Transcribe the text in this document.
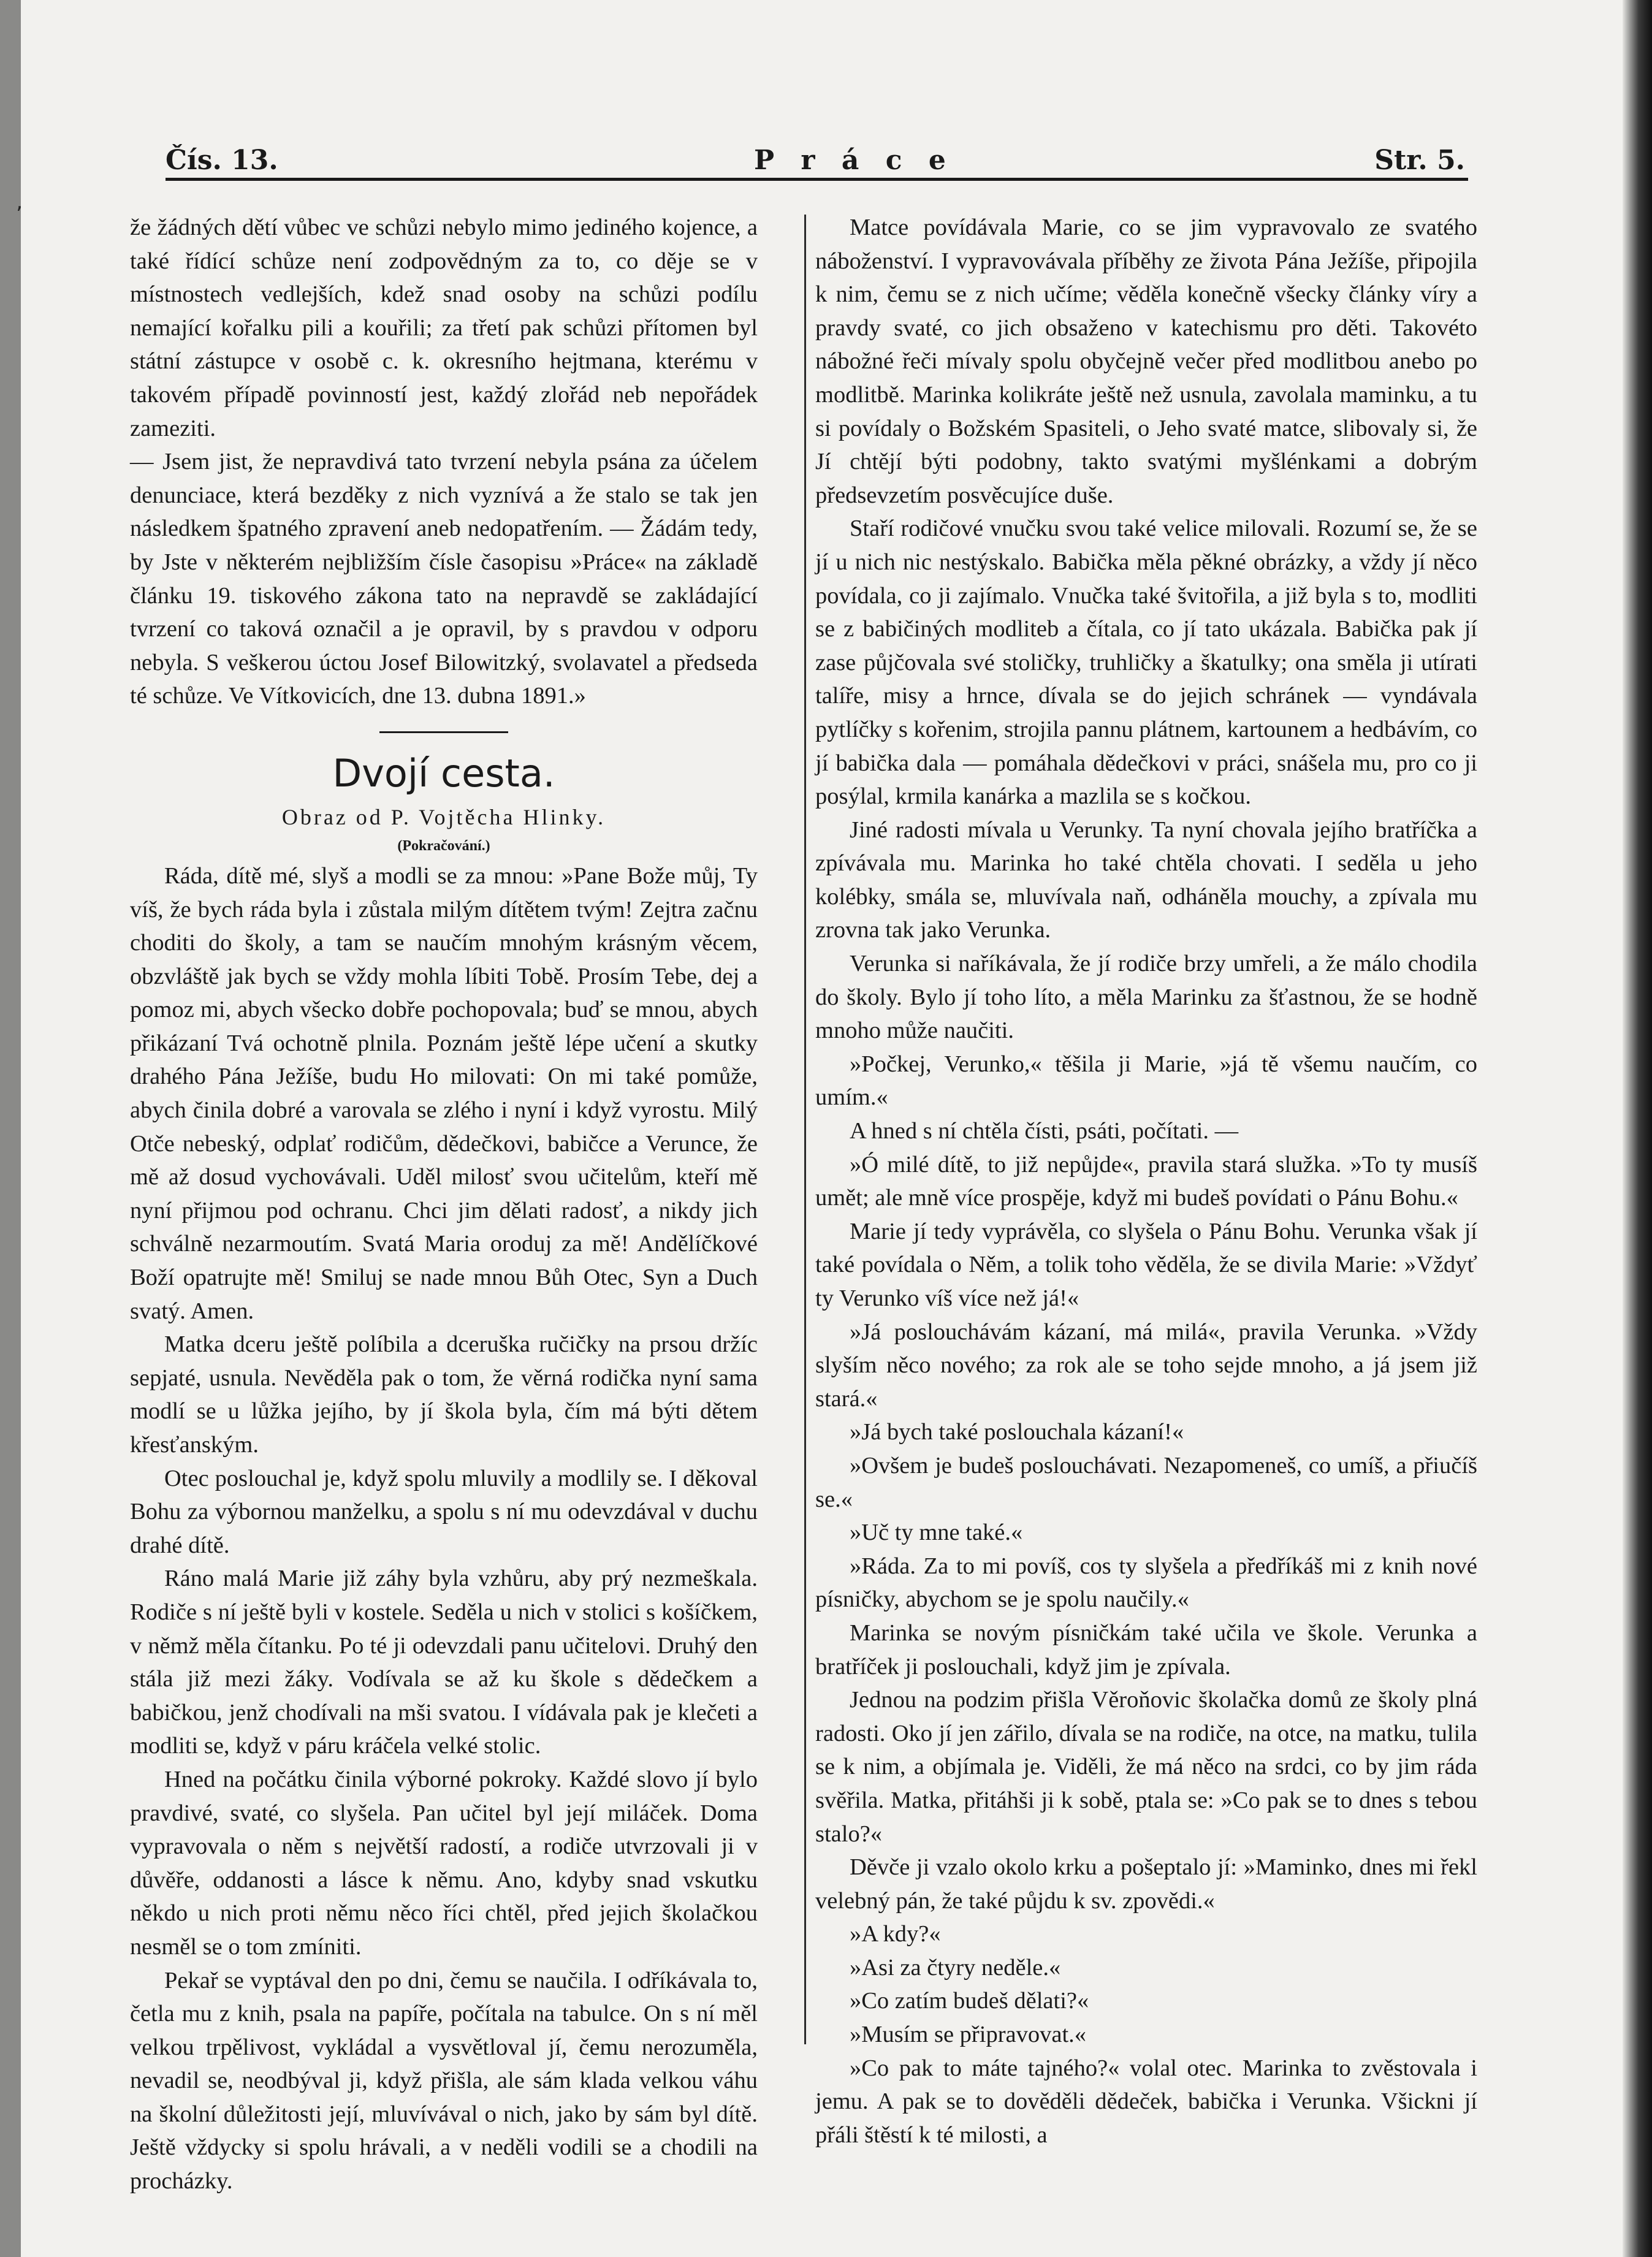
Čís. 13.	P r á c e	Str. 5.
’	že žádných dětí vůbec ve schůzi nebylo mimo jediného kojence, a také řídící schůze není zodpovědným za to, co děje se v místnostech vedlejších, kdež snad osoby na schůzi podílu nemající kořalku pili a kouřili; za třetí pak schůzi přítomen byl státní zástupce v osobě c. k. okresního hejtmana, kterému v takovém případě povinností jest, každý zlořád neb nepořádek zameziti.

— Jsem jist, že nepravdivá tato tvrzení nebyla psána za účelem denunciace, která bezděky z nich vyznívá a že stalo se tak jen následkem špatného zpravení aneb nedopatřením. — Žádám tedy, by Jste v některém nejbližším čísle časopisu »Práce« na základě článku 19. tiskového zákona tato na nepravdě se zakládající tvrzení co taková označil a je opravil, by s pravdou v odporu nebyla. S veškerou úctou Josef Bilowitzký, svolavatel a předseda té schůze. Ve Vítkovicích, dne 13. dubna 1891.»

Dvojí cesta.
Obraz od P. Vojtěcha Hlinky.
(Pokračování.)

Ráda, dítě mé, slyš a modli se za mnou: »Pane Bože můj, Ty víš, že bych ráda byla i zůstala milým dítětem tvým! Zejtra začnu choditi do školy, a tam se naučím mnohým krásným věcem, obzvláště jak bych se vždy mohla líbiti Tobě. Prosím Tebe, dej a pomoz mi, abych všecko dobře pochopovala; buď se mnou, abych přikázaní Tvá ochotně plnila. Poznám ještě lépe učení a skutky drahého Pána Ježíše, budu Ho milovati: On mi také pomůže, abych činila dobré a varovala se zlého i nyní i když vyrostu. Milý Otče nebeský, odplať rodičům, dědečkovi, babičce a Veruncе, že mě až dosud vychovávali. Uděl milosť svou učitelům, kteří mě nyní přijmou pod ochranu. Chci jim dělati radosť, a nikdy jich schválně nezarmoutím. Svatá Maria oroduj za mě! Andělíčkové Boží opatrujte mě! Smiluj se nade mnou Bůh Otec, Syn a Duch svatý. Amen.

Matka dcеru ještě políbila a dceruška ručičky na prsou držíc sepjaté, usnula. Nevěděla pak o tom, že věrná rodička nyní sama modlí se u lůžka jejího, by jí škola byla, čím má býti dětem křesťanským.

Otec poslouchal je, když spolu mluvily a modlily se. I děkoval Bohu za výbornou manželku, a spolu s ní mu odevzdával v duchu drahé dítě.

Ráno malá Marie již záhy byla vzhůru, aby prý nezmeškala. Rodiče s ní ještě byli v kostele. Seděla u nich v stolici s košíčkem, v němž měla čítanku. Po té ji odevzdali panu učitelovi. Druhý den stála již mezi žáky. Vodívala se až ku škole s dědečkem a babičkou, jenž chodívali na mši svatou. I vídávala pak je klečeti a modliti se, když v páru kráčela velké stolic.

Hned na počátku činila výborné pokroky. Každé slovo jí bylo pravdivé, svaté, co slyšela. Pan učitel byl její miláček. Doma vypravovala o něm s největší radostí, a rodiče utvrzovali ji v důvěře, oddanosti a lásce k němu. Ano, kdyby snad vskutku někdo u nich proti němu něco říci chtěl, před jejich školačkou nesměl se o tom zmíniti.

Pekař se vyptával den po dni, čemu se naučila. I odříkávala to, četla mu z knih, psala na papíře, počítala na tabulce. On s ní měl velkou trpělivost, vykládal a vysvětloval jí, čemu nerozuměla, nevadil se, neodbýval ji, když přišla, ale sám klada velkou váhu na školní důležitosti její, mluvívával o nich, jako by sám byl dítě. Ještě vždycky si spolu hrávali, a v neděli vodili se a chodili na procházky.

Matce povídávala Marie, co se jim vypravovalo ze svatého náboženství. I vypravovávala příběhy ze života Pána Ježíše, připojila k nim, čemu se z nich učíme; věděla konečně všecky články víry a pravdy svaté, co jich obsaženo v katechismu pro děti. Takovéto nábožné řeči mívaly spolu obyčejně večer před modlitbou anebo po modlitbě. Marinka kolikráte ještě než usnula, zavolala maminku, a tu si povídaly o Božském Spasiteli, o Jeho svaté matce, slibovaly si, že Jí chtějí býti podobny, takto svatými myšlénkami a dobrým předsevzetím posvěcujíce duše.

Staří rodičové vnučku svou také velice milovali. Rozumí se, že se jí u nich nic nestýskalo. Babička měla pěkné obrázky, a vždy jí něco povídala, co ji zajímalo. Vnučka také švitořila, a již byla s to, modliti se z babičiných modliteb a čítala, co jí tato ukázala. Babička pak jí zase půjčovala své stoličky, truhličky a škatulky; ona směla ji utírati talíře, misy a hrnce, dívala se do jejich schránek — vyndávala pytlíčky s kořenim, strojila pannu plátnem, kartounem a hedbávím, co jí babička dala — pomáhala dědečkovi v práci, snášela mu, pro co ji posýlal, krmila kanárka a mazlila se s kočkou.

Jiné radosti mívala u Verunky. Ta nyní chovala jejího bratříčka a zpívávala mu. Marinka ho také chtěla chovati. I seděla u jeho kolébky, smála se, mluvívala naň, odháněla mouchy, a zpívala mu zrovna tak jako Verunka.

Verunka si naříkávala, že jí rodiče brzy umřeli, a že málo chodila do školy. Bylo jí toho líto, a měla Marinku za šťastnou, že se hodně mnoho může naučiti.

»Počkej, Verunko,« těšila ji Marie, »já tě všemu naučím, co umím.«

A hned s ní chtěla čísti, psáti, počítati. —

»Ó milé dítě, to již nepůjde«, pravila stará služka. »To ty musíš umět; ale mně více prospěje, když mi budeš povídati o Pánu Bohu.«

Marie jí tedy vyprávěla, co slyšela o Pánu Bohu. Verunka však jí také povídala o Něm, a tolik toho věděla, že se divila Marie: »Vždyť ty Verunko víš více než já!«

»Já poslouchávám kázaní, má milá«, pravila Verunka. »Vždy slyším něco nového; za rok ale se toho sejde mnoho, a já jsem již stará.«

»Já bych také poslouchala kázaní!«

»Ovšem je budeš poslouchávati. Nezapomeneš, co umíš, a přiučíš se.«

»Uč ty mne také.«

»Ráda. Za to mi povíš, cos ty slyšela a předříkáš mi z knih nové písničky, abychom se je spolu naučily.«

Marinka se novým písničkám také učila ve škole. Verunka a bratříček ji poslouchali, když jim je zpívala.

Jednou na podzim přišla Věroňovic školačka domů ze školy plná radosti. Oko jí jen zářilo, dívala se na rodiče, na otce, na matku, tulila se k nim, a objímala je. Viděli, že má něco na srdci, co by jim ráda svěřila. Matka, přitáhši ji k sobě, ptala se: »Co pak se to dnes s tebou stalo?«

Děvče ji vzalo okolo krku a pošeptalo jí: »Maminko, dnes mi řekl velebný pán, že také půjdu k sv. zpovědi.«

»A kdy?«

»Asi za čtyry neděle.«

»Co zatím budeš dělati?«

»Musím se připravovat.«

»Co pak to máte tajného?« volal otec. Marinka to zvěstovala i jemu. A pak se to dověděli dědeček, babička i Verunka. Všickni jí přáli štěstí k té milosti, a
